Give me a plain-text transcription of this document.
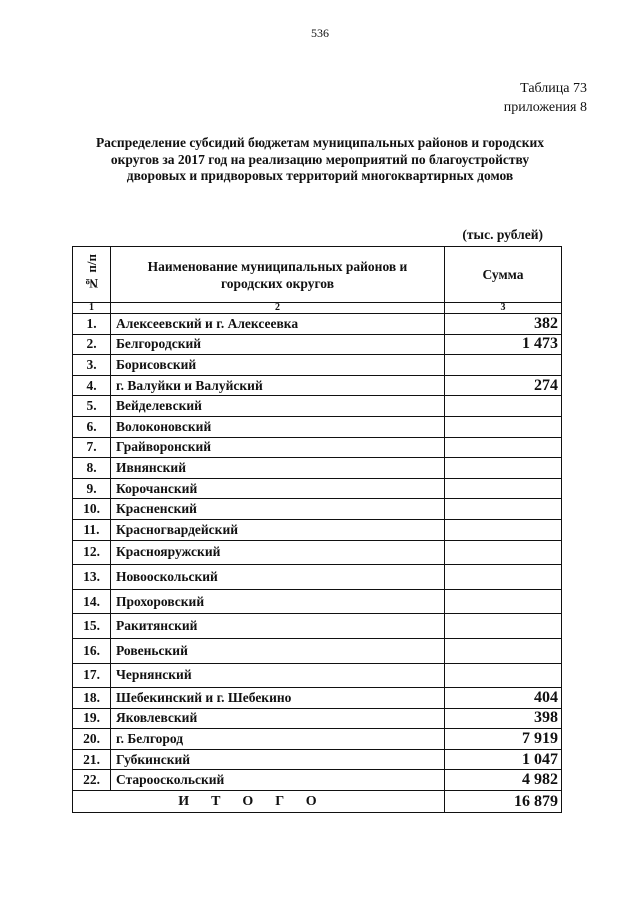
536
Таблица 73
приложения 8
Распределение субсидий бюджетам муниципальных районов и городских округов за 2017 год на реализацию мероприятий по благоустройству дворовых и придворовых территорий многоквартирных домов
(тыс. рублей)
№ п/п	Наименование муниципальных районов и городских округов	Сумма
1	2	3
1.	Алексеевский и г. Алексеевка	382
2.	Белгородский	1 473
3.	Борисовский	
4.	г. Валуйки и Валуйский	274
5.	Вейделевский	
6.	Волоконовский	
7.	Грайворонский	
8.	Ивнянский	
9.	Корочанский	
10.	Красненский	
11.	Красногвардейский	
12.	Краснояружский	
13.	Новооскольский	
14.	Прохоровский	
15.	Ракитянский	
16.	Ровеньский	
17.	Чернянский	
18.	Шебекинский и г. Шебекино	404
19.	Яковлевский	398
20.	г. Белгород	7 919
21.	Губкинский	1 047
22.	Старооскольский	4 982
ИТОГО		16 879
